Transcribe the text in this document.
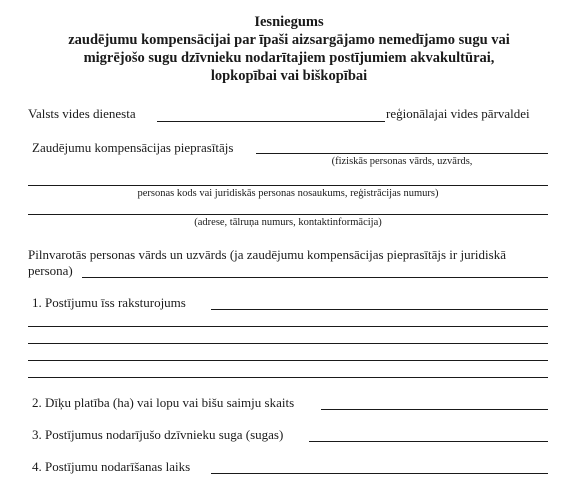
Iesniegums
zaudējumu kompensācijai par īpaši aizsargājamo nemedījamo sugu vai
migrējošo sugu dzīvnieku nodarītajiem postījumiem akvakultūrai,
lopkopībai vai biškopībai
Valsts vides dienesta	reģionālajai vides pārvaldei
Zaudējumu kompensācijas pieprasītājs
(fiziskās personas vārds, uzvārds,
personas kods vai juridiskās personas nosaukums, reģistrācijas numurs)
(adrese, tālruņa numurs, kontaktinformācija)
Pilnvarotās personas vārds un uzvārds (ja zaudējumu kompensācijas pieprasītājs ir juridiskā
persona)
1. Postījumu īss raksturojums
2. Dīķu platība (ha) vai lopu vai bišu saimju skaits
3. Postījumus nodarījušo dzīvnieku suga (sugas)
4. Postījumu nodarīšanas laiks
